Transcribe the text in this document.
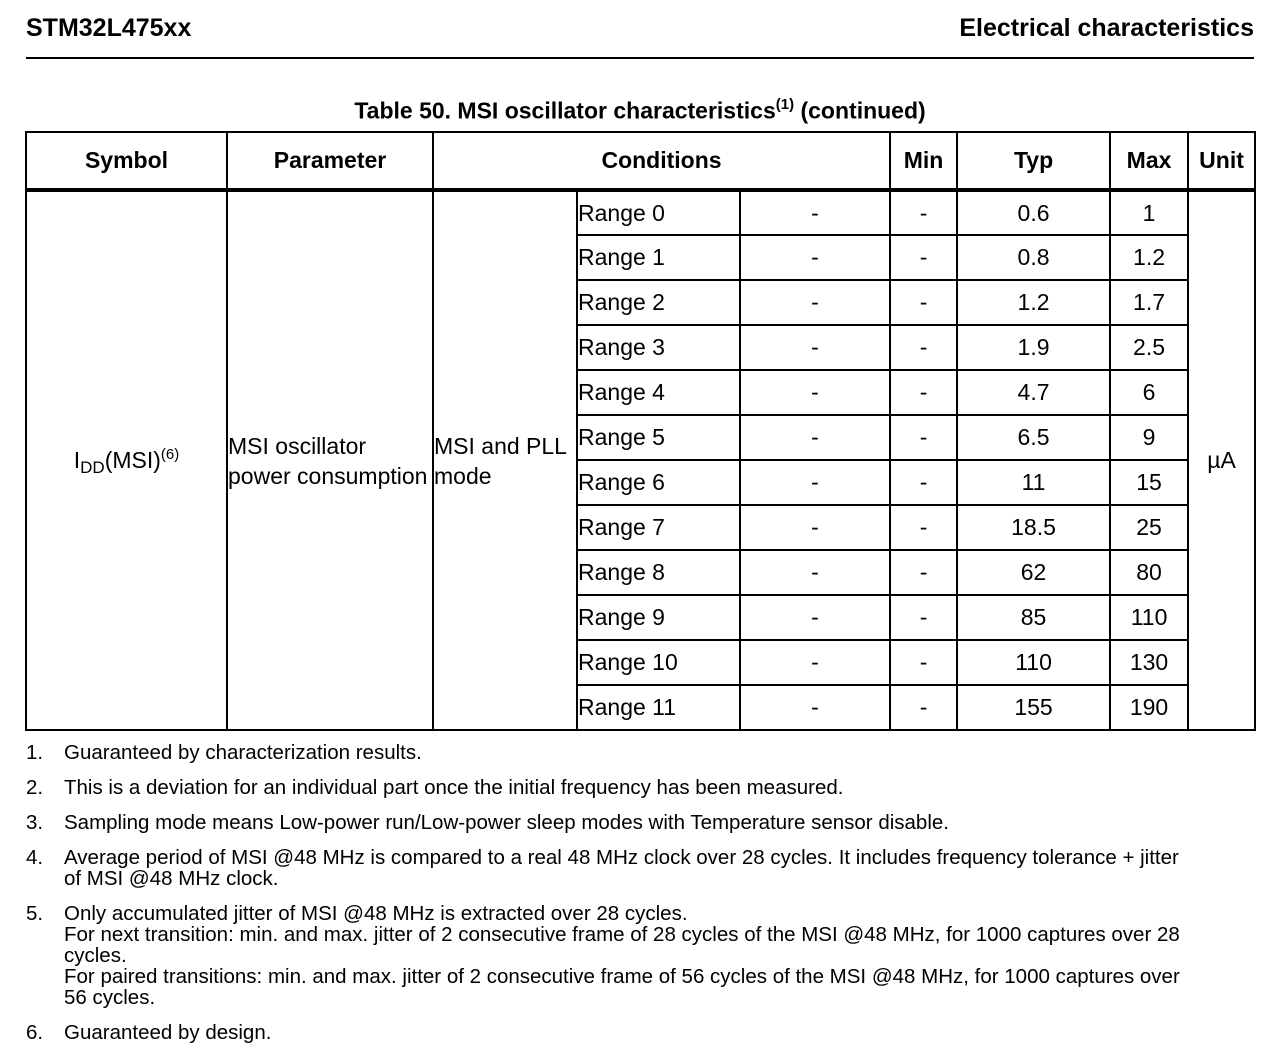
STM32L475xx	Electrical characteristics
Table 50. MSI oscillator characteristics$^{(1)}$ (continued)
Symbol	Parameter	Conditions			Min	Typ	Max	Unit
$I_{DD}(MSI)^{(6)}$	MSI oscillator power consumption	MSI and PLL mode	Range 0	-	-	0.6	1	µA
			Range 1	-	-	0.8	1.2	
			Range 2	-	-	1.2	1.7	
			Range 3	-	-	1.9	2.5	
			Range 4	-	-	4.7	6	
			Range 5	-	-	6.5	9	
			Range 6	-	-	11	15	
			Range 7	-	-	18.5	25	
			Range 8	-	-	62	80	
			Range 9	-	-	85	110	
			Range 10	-	-	110	130	
			Range 11	-	-	155	190	
1. Guaranteed by characterization results.
2. This is a deviation for an individual part once the initial frequency has been measured.
3. Sampling mode means Low-power run/Low-power sleep modes with Temperature sensor disable.
4. Average period of MSI @48 MHz is compared to a real 48 MHz clock over 28 cycles. It includes frequency tolerance + jitter
of MSI @48 MHz clock.
5. Only accumulated jitter of MSI @48 MHz is extracted over 28 cycles.
For next transition: min. and max. jitter of 2 consecutive frame of 28 cycles of the MSI @48 MHz, for 1000 captures over 28
cycles.
For paired transitions: min. and max. jitter of 2 consecutive frame of 56 cycles of the MSI @48 MHz, for 1000 captures over
56 cycles.
6. Guaranteed by design.
